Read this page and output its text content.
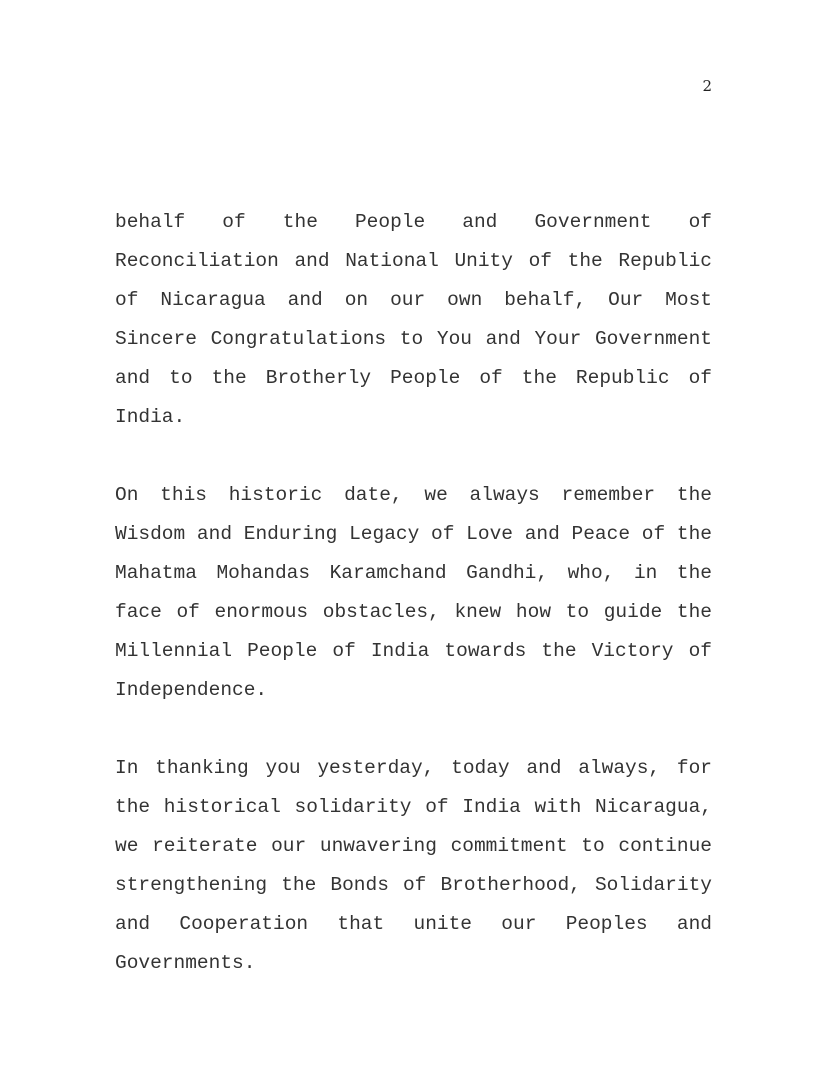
2

behalf of the People and Government of Reconciliation and National Unity of the Republic of Nicaragua and on our own behalf, Our Most Sincere Congratulations to You and Your Government and to the Brotherly People of the Republic of India.

On this historic date, we always remember the Wisdom and Enduring Legacy of Love and Peace of the Mahatma Mohandas Karamchand Gandhi, who, in the face of enormous obstacles, knew how to guide the Millennial People of India towards the Victory of Independence.

In thanking you yesterday, today and always, for the historical solidarity of India with Nicaragua, we reiterate our unwavering commitment to continue strengthening the Bonds of Brotherhood, Solidarity and Cooperation that unite our Peoples and Governments.
